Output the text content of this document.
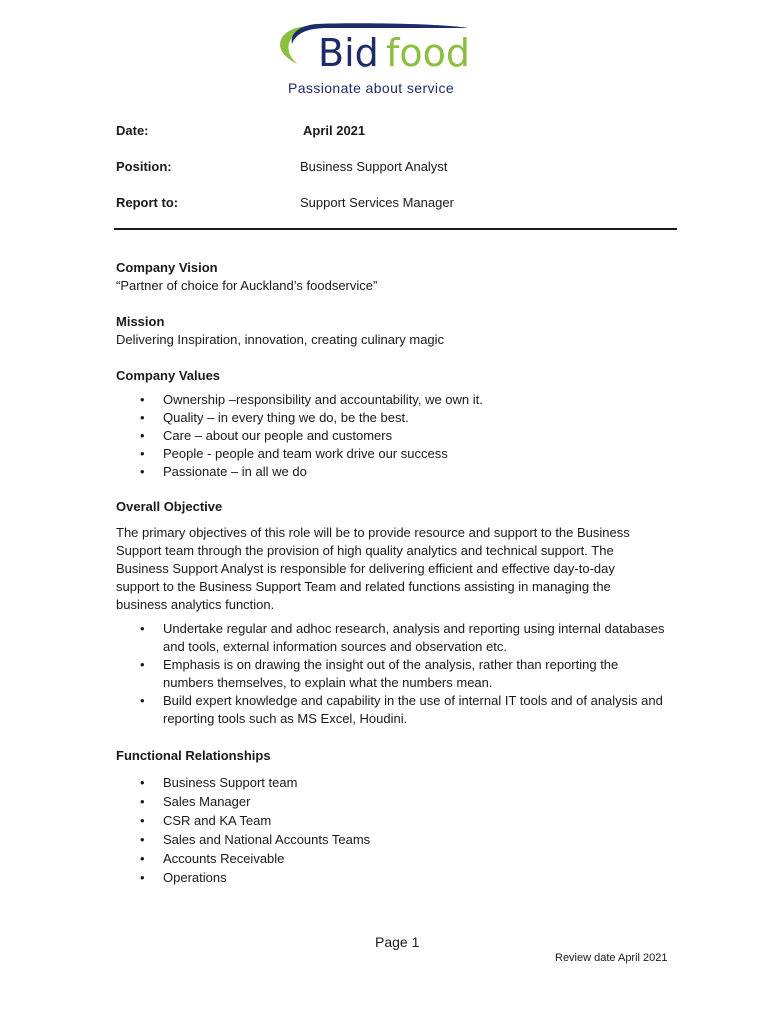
Bid food
Passionate about service
Date:	April 2021
Position:	Business Support Analyst
Report to:	Support Services Manager
Company Vision
“Partner of choice for Auckland’s foodservice”
Mission
Delivering Inspiration, innovation, creating culinary magic
Company Values
• Ownership –responsibility and accountability, we own it.
• Quality – in every thing we do, be the best.
• Care – about our people and customers
• People - people and team work drive our success
• Passionate – in all we do
Overall Objective
The primary objectives of this role will be to provide resource and support to the Business Support team through the provision of high quality analytics and technical support. The Business Support Analyst is responsible for delivering efficient and effective day-to-day support to the Business Support Team and related functions assisting in managing the business analytics function.
• Undertake regular and adhoc research, analysis and reporting using internal databases and tools, external information sources and observation etc.
• Emphasis is on drawing the insight out of the analysis, rather than reporting the numbers themselves, to explain what the numbers mean.
• Build expert knowledge and capability in the use of internal IT tools and of analysis and reporting tools such as MS Excel, Houdini.
Functional Relationships
• Business Support team
• Sales Manager
• CSR and KA Team
• Sales and National Accounts Teams
• Accounts Receivable
• Operations
Page 1
Review date April 2021
